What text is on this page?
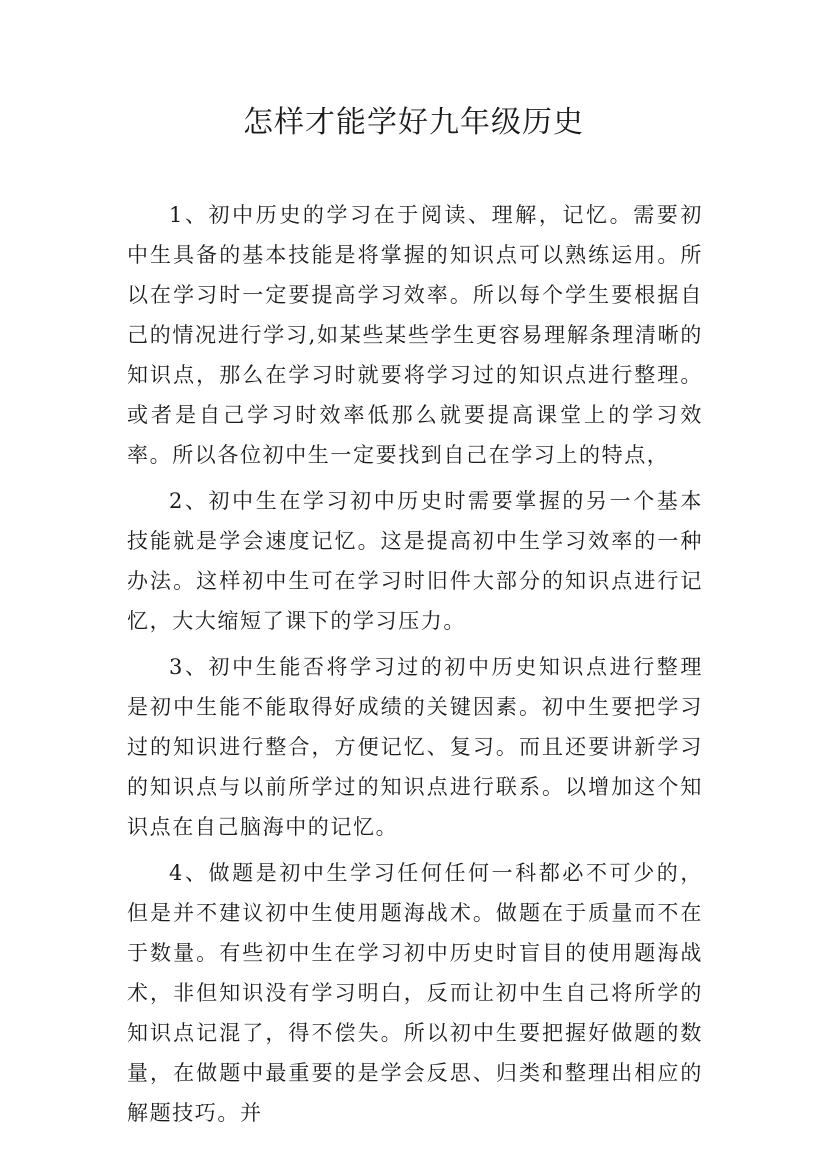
怎样才能学好九年级历史

1、初中历史的学习在于阅读、理解，记忆。需要初中生具备的基本技能是将掌握的知识点可以熟练运用。所以在学习时一定要提高学习效率。所以每个学生要根据自己的情况进行学习,如某些某些学生更容易理解条理清晰的知识点，那么在学习时就要将学习过的知识点进行整理。或者是自己学习时效率低那么就要提高课堂上的学习效率。所以各位初中生一定要找到自己在学习上的特点，

2、初中生在学习初中历史时需要掌握的另一个基本技能就是学会速度记忆。这是提高初中生学习效率的一种办法。这样初中生可在学习时旧件大部分的知识点进行记忆，大大缩短了课下的学习压力。

3、初中生能否将学习过的初中历史知识点进行整理是初中生能不能取得好成绩的关键因素。初中生要把学习过的知识进行整合，方便记忆、复习。而且还要讲新学习的知识点与以前所学过的知识点进行联系。以增加这个知识点在自己脑海中的记忆。

4、做题是初中生学习任何任何一科都必不可少的，但是并不建议初中生使用题海战术。做题在于质量而不在于数量。有些初中生在学习初中历史时盲目的使用题海战术，非但知识没有学习明白，反而让初中生自己将所学的知识点记混了，得不偿失。所以初中生要把握好做题的数量，在做题中最重要的是学会反思、归类和整理出相应的解题技巧。并
